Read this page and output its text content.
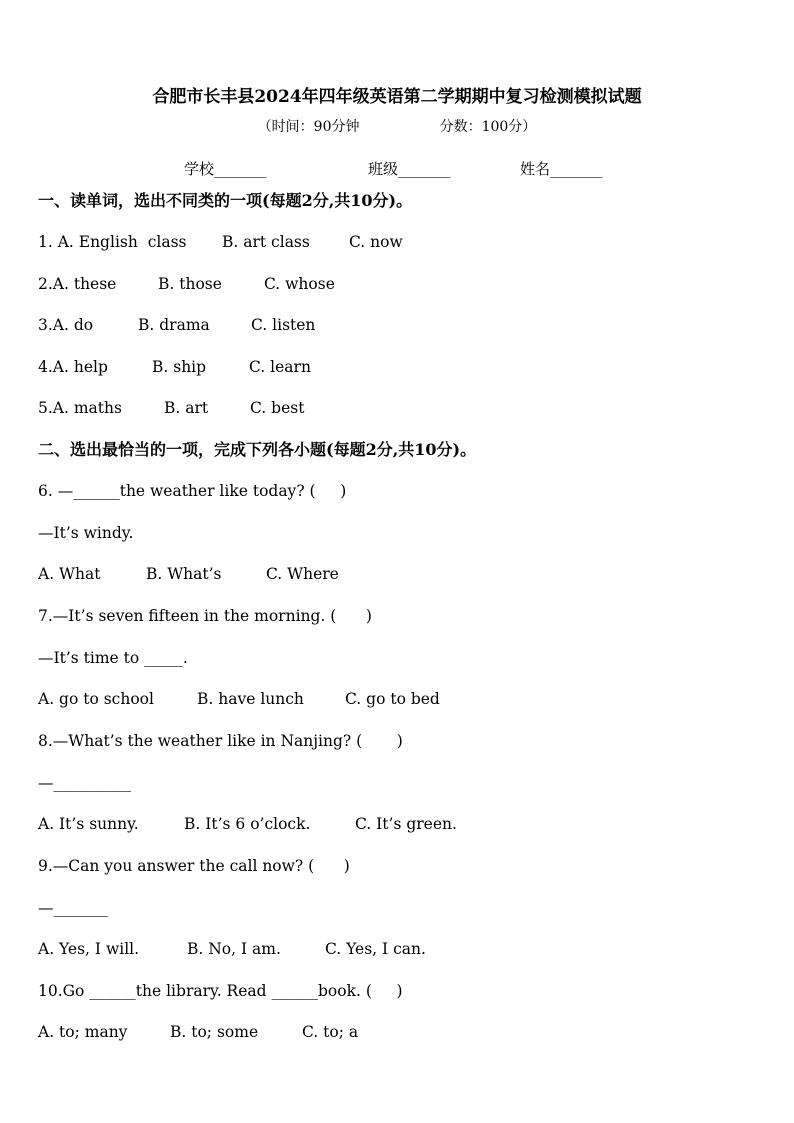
合肥市长丰县2024年四年级英语第二学期期中复习检测模拟试题
（时间：90分钟                  分数：100分）
学校_______	班级_______	姓名_______
一、读单词，选出不同类的一项(每题2分,共10分)。
1. A. English  class B. art class	C. now
2.A. these	B. those	C. whose
3.A. do	B. drama	C. listen
4.A. help	B. ship	C. learn
5.A. maths	B. art	C. best
二、选出最恰当的一项，完成下列各小题(每题2分,共10分)。
6. —______the weather like today? (     )
—It’s windy.
A. What	B. What’s	C. Where
7.—It’s seven fifteen in the morning. (      )
—It’s time to _____.
A. go to school	B. have lunch	C. go to bed
8.—What’s the weather like in Nanjing? (       )
—__________
A. It’s sunny.	B. It’s 6 o’clock.	C. It’s green.
9.—Can you answer the call now? (      )
—_______
A. Yes, I will.	B. No, I am.	C. Yes, I can.
10.Go ______the library. Read ______book. (     )
A. to; many	B. to; some	C. to; a
